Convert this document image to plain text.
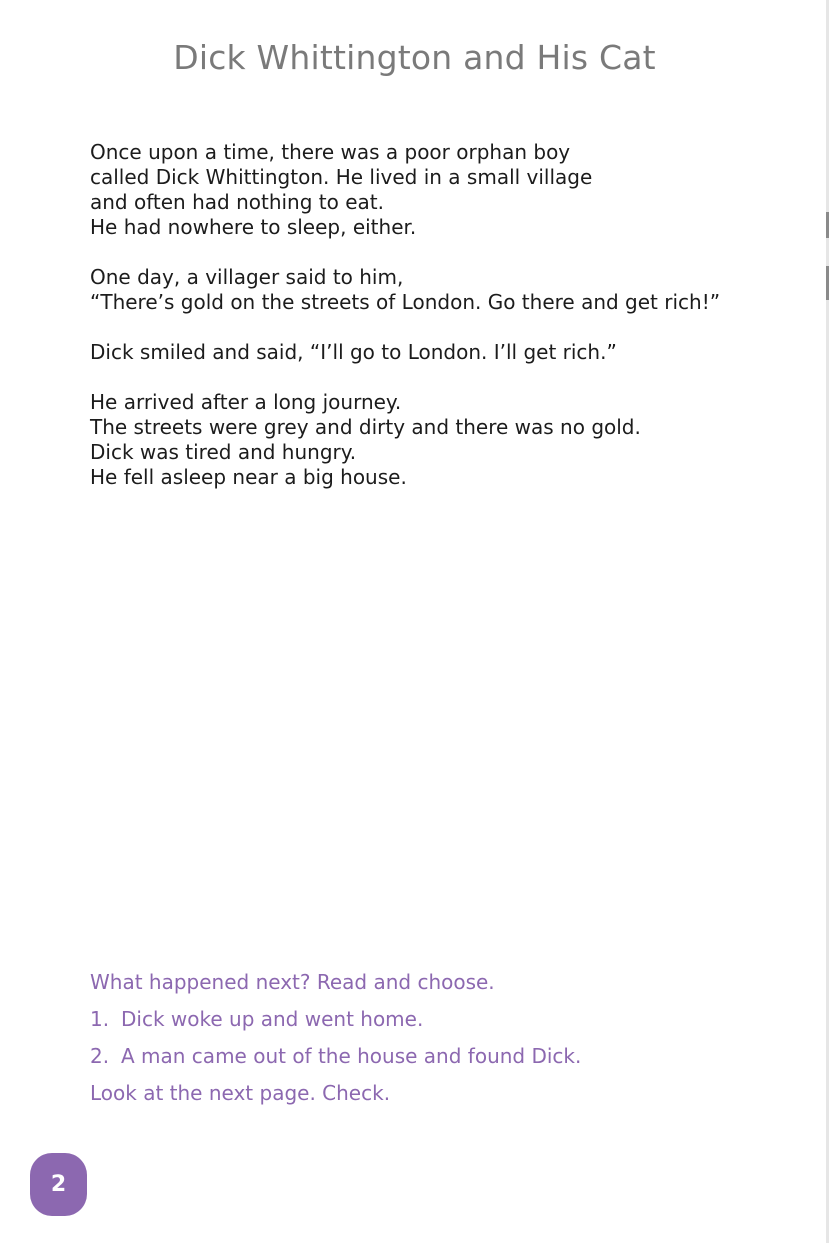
Dick Whittington and His Cat

Once upon a time, there was a poor orphan boy
called Dick Whittington. He lived in a small village
and often had nothing to eat.
He had nowhere to sleep, either.

One day, a villager said to him,
“There’s gold on the streets of London. Go there and get rich!”

Dick smiled and said, “I’ll go to London. I’ll get rich.”

He arrived after a long journey.
The streets were grey and dirty and there was no gold.
Dick was tired and hungry.
He fell asleep near a big house.

What happened next? Read and choose.
1. Dick woke up and went home.
2. A man came out of the house and found Dick.
Look at the next page. Check.
2
